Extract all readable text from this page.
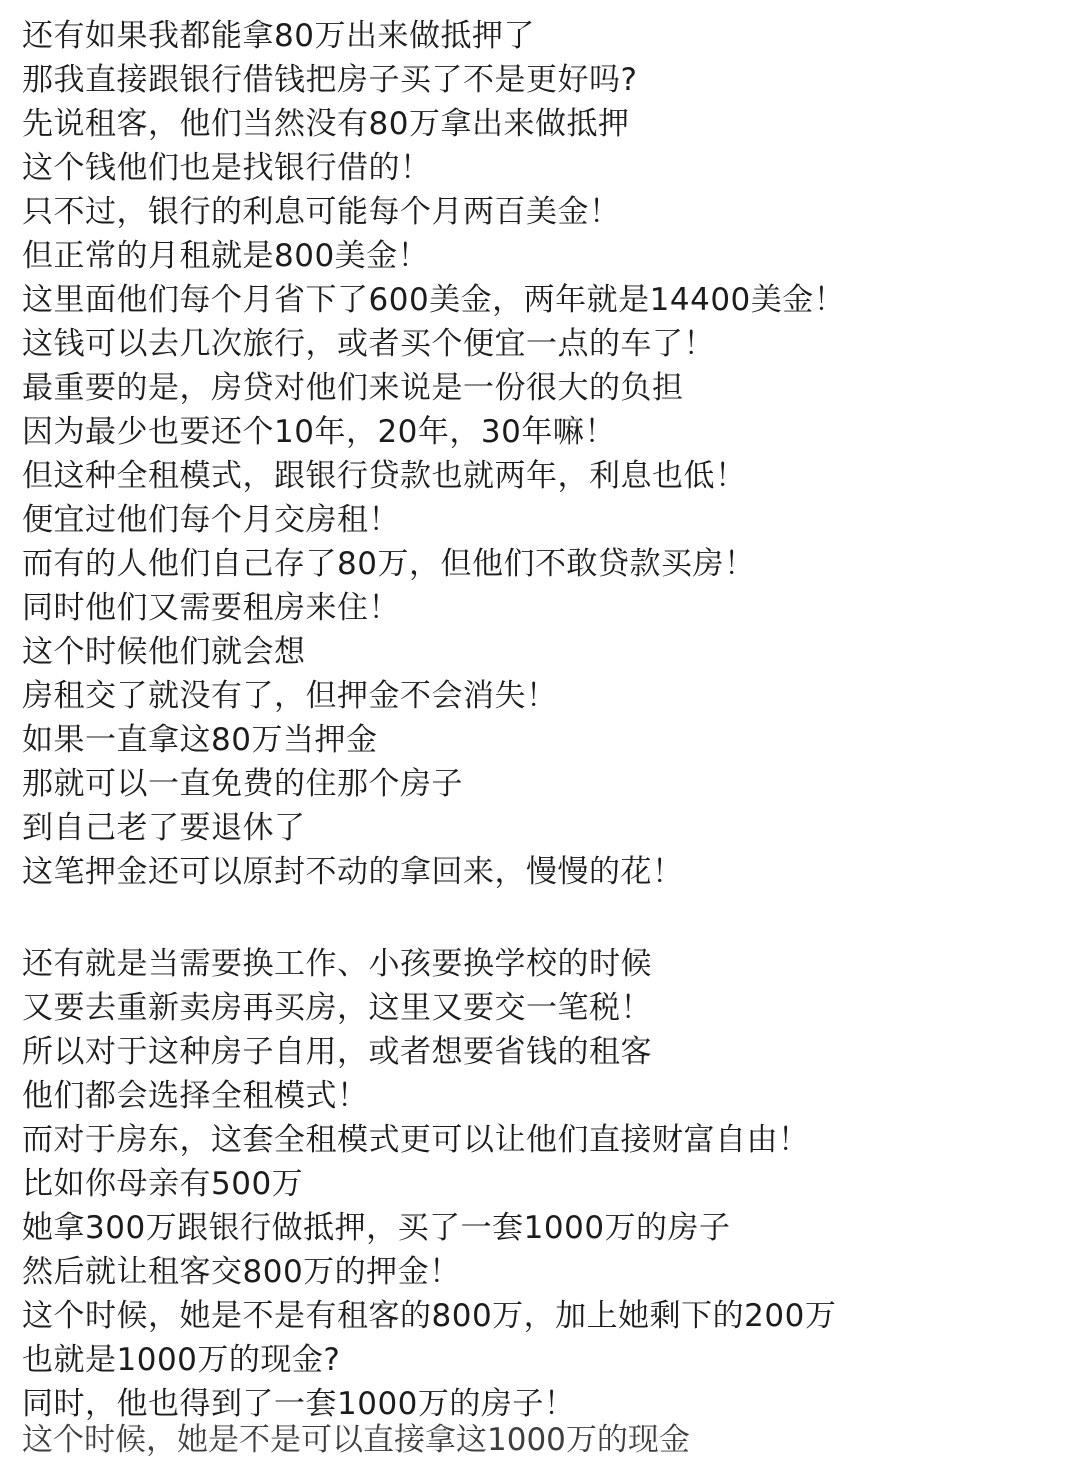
还有如果我都能拿80万出来做抵押了
那我直接跟银行借钱把房子买了不是更好吗?
先说租客，他们当然没有80万拿出来做抵押
这个钱他们也是找银行借的！
只不过，银行的利息可能每个月两百美金！
但正常的月租就是800美金！
这里面他们每个月省下了600美金，两年就是14400美金！
这钱可以去几次旅行，或者买个便宜一点的车了！
最重要的是，房贷对他们来说是一份很大的负担
因为最少也要还个10年，20年，30年嘛！
但这种全租模式，跟银行贷款也就两年，利息也低！
便宜过他们每个月交房租！
而有的人他们自己存了80万，但他们不敢贷款买房！
同时他们又需要租房来住！
这个时候他们就会想
房租交了就没有了，但押金不会消失！
如果一直拿这80万当押金
那就可以一直免费的住那个房子
到自己老了要退休了
这笔押金还可以原封不动的拿回来，慢慢的花！
还有就是当需要换工作、小孩要换学校的时候
又要去重新卖房再买房，这里又要交一笔税！
所以对于这种房子自用，或者想要省钱的租客
他们都会选择全租模式！
而对于房东，这套全租模式更可以让他们直接财富自由！
比如你母亲有500万
她拿300万跟银行做抵押，买了一套1000万的房子
然后就让租客交800万的押金！
这个时候，她是不是有租客的800万，加上她剩下的200万
也就是1000万的现金?
同时，他也得到了一套1000万的房子！
这个时候，她是不是可以直接拿这1000万的现金
